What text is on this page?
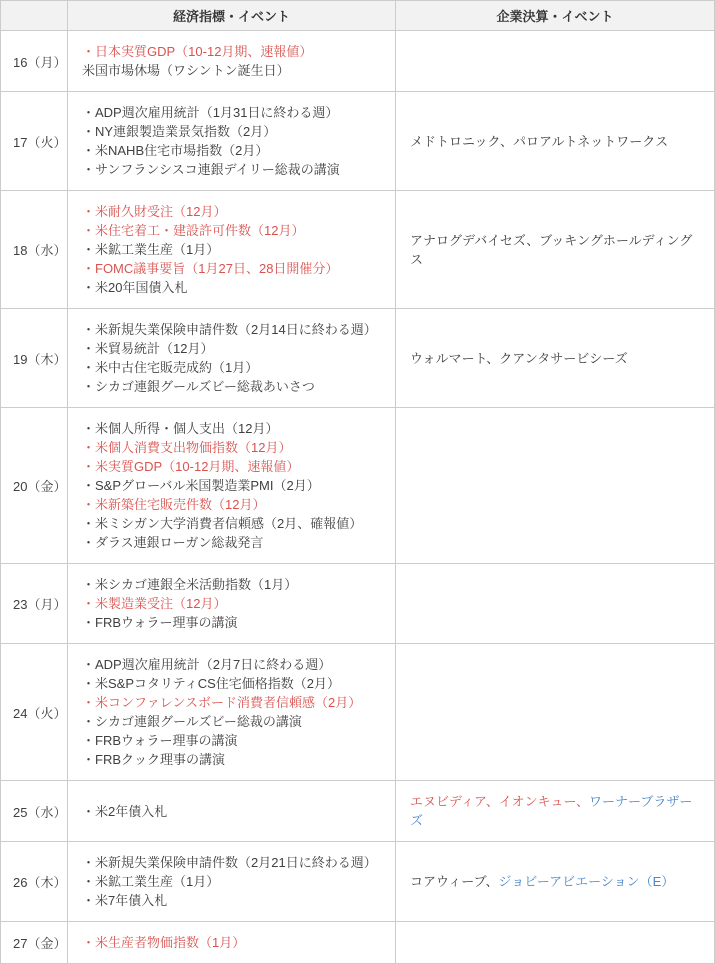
	経済指標・イベント	企業決算・イベント
16（月）	・日本実質GDP（10-12月期、速報値）
米国市場休場（ワシントン誕生日）	

17（火）	・ADP週次雇用統計（1月31日に終わる週）
・NY連銀製造業景気指数（2月）
・米NAHB住宅市場指数（2月）
・サンフランシスコ連銀デイリー総裁の講演	メドトロニック、パロアルトネットワークス

18（水）	・米耐久財受注（12月）
・米住宅着工・建設許可件数（12月）
・米鉱工業生産（1月）
・FOMC議事要旨（1月27日、28日開催分）
・米20年国債入札	アナログデバイセズ、ブッキングホールディングス

19（木）	・米新規失業保険申請件数（2月14日に終わる週）
・米貿易統計（12月）
・米中古住宅販売成約（1月）
・シカゴ連銀グールズビー総裁あいさつ	ウォルマート、クアンタサービシーズ

20（金）	
・米個人所得・個人支出（12月）
・米個人消費支出物価指数（12月）
・米実質GDP（10-12月期、速報値）
・S&Pグローバル米国製造業PMI（2月）
・米新築住宅販売件数（12月）
・米ミシガン大学消費者信頼感（2月、確報値）
・ダラス連銀ローガン総裁発言

23（月）	・米シカゴ連銀全米活動指数（1月）
・米製造業受注（12月）
・FRBウォラー理事の講演	

24（火）	
・ADP週次雇用統計（2月7日に終わる週）
・米S&PコタリティCS住宅価格指数（2月）
・米コンファレンスボード消費者信頼感（2月）
・シカゴ連銀グールズビー総裁の講演
・FRBウォラー理事の講演
・FRBクック理事の講演

25（水）	・米2年債入札	エヌビディア、イオンキュー、ワーナーブラザーズ

26（木）	・米新規失業保険申請件数（2月21日に終わる週）
・米鉱工業生産（1月）
・米7年債入札	コアウィーブ、ジョビーアビエーション（E）

27（金）	・米生産者物価指数（1月）	
